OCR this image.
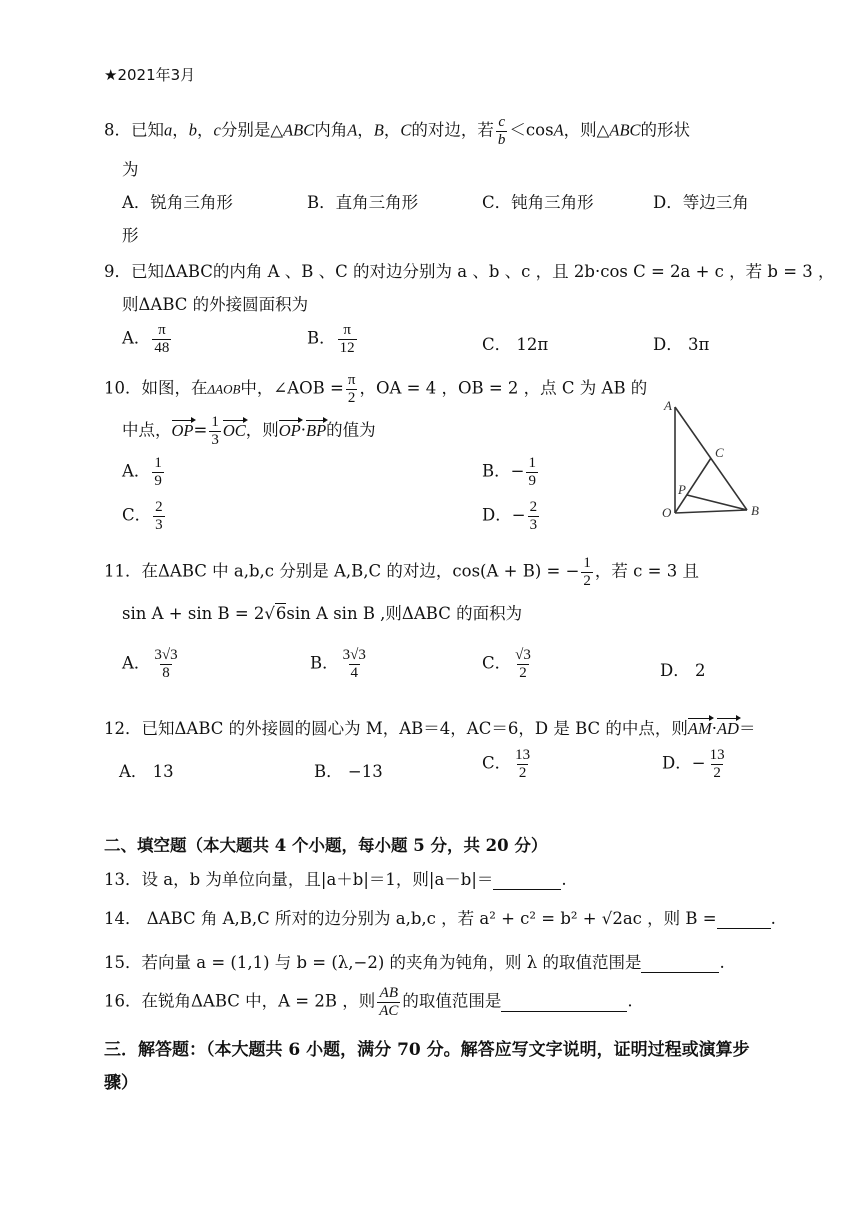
★2021年3月
8．已知a，b，c分别是△ABC内角A，B，C的对边，若 $\frac{c}{b} <\cos A$，则△ABC的形状
为
A．锐角三角形	B．直角三角形	C．钝角三角形	D．等边三角
形
9．已知ΔABC的内角 A 、B 、C 的对边分别为 a 、b 、c ，且 2b·cos C = 2a + c ，若 b = 3 ，
则ΔABC 的外接圆面积为
A． $\frac{\pi}{48}$	B． $\frac{\pi}{12}$	C． 12π	D． 3π
10．如图，在ΔAOB中，∠AOB = $\frac{\pi}{2}$ ，OA = 4 ，OB = 2 ，点 C 为 AB 的
中点，$OP= \frac{1}{3}$ OC，则OP·BP的值为
A． $\frac{1}{9}$	B．− $\frac{1}{9}$
C． $\frac{2}{3}$	D．− $\frac{2}{3}$
A
C
P
O	B
11．在ΔABC 中 a,b,c 分别是 A,B,C 的对边，cos(A + B) = − $\frac{1}{2}$ ，若 c = 3 且
sin A + sin B = 2√6sin A sin B ,则ΔABC 的面积为
A． $\frac{3√3}{8}$	B． $\frac{3√3}{4}$	C． $\frac{√3}{2}$	D． 2
12．已知ΔABC 的外接圆的圆心为 M，AB＝4，AC＝6，D 是 BC 的中点，则AM·AD＝
A． 13	B． −13	C． $\frac{13}{2}$	D．− $\frac{13}{2}$
二、填空题（本大题共 4 个小题，每小题 5 分，共 20 分）
13．设 a，b 为单位向量，且|a＋b|＝1，则|a－b|＝	.
14． ΔABC 角 A,B,C 所对的边分别为 a,b,c ，若 a² + c² = b² + √2ac ，则 B =	.
15．若向量 a = (1,1) 与 b = (λ,−2) 的夹角为钝角，则 λ 的取值范围是	.
16．在锐角ΔABC 中，A = 2B ，则 $\frac{AB}{AC}$ 的取值范围是	.
三．解答题：（本大题共 6 小题，满分 70 分。解答应写文字说明，证明过程或演算步
骤）
